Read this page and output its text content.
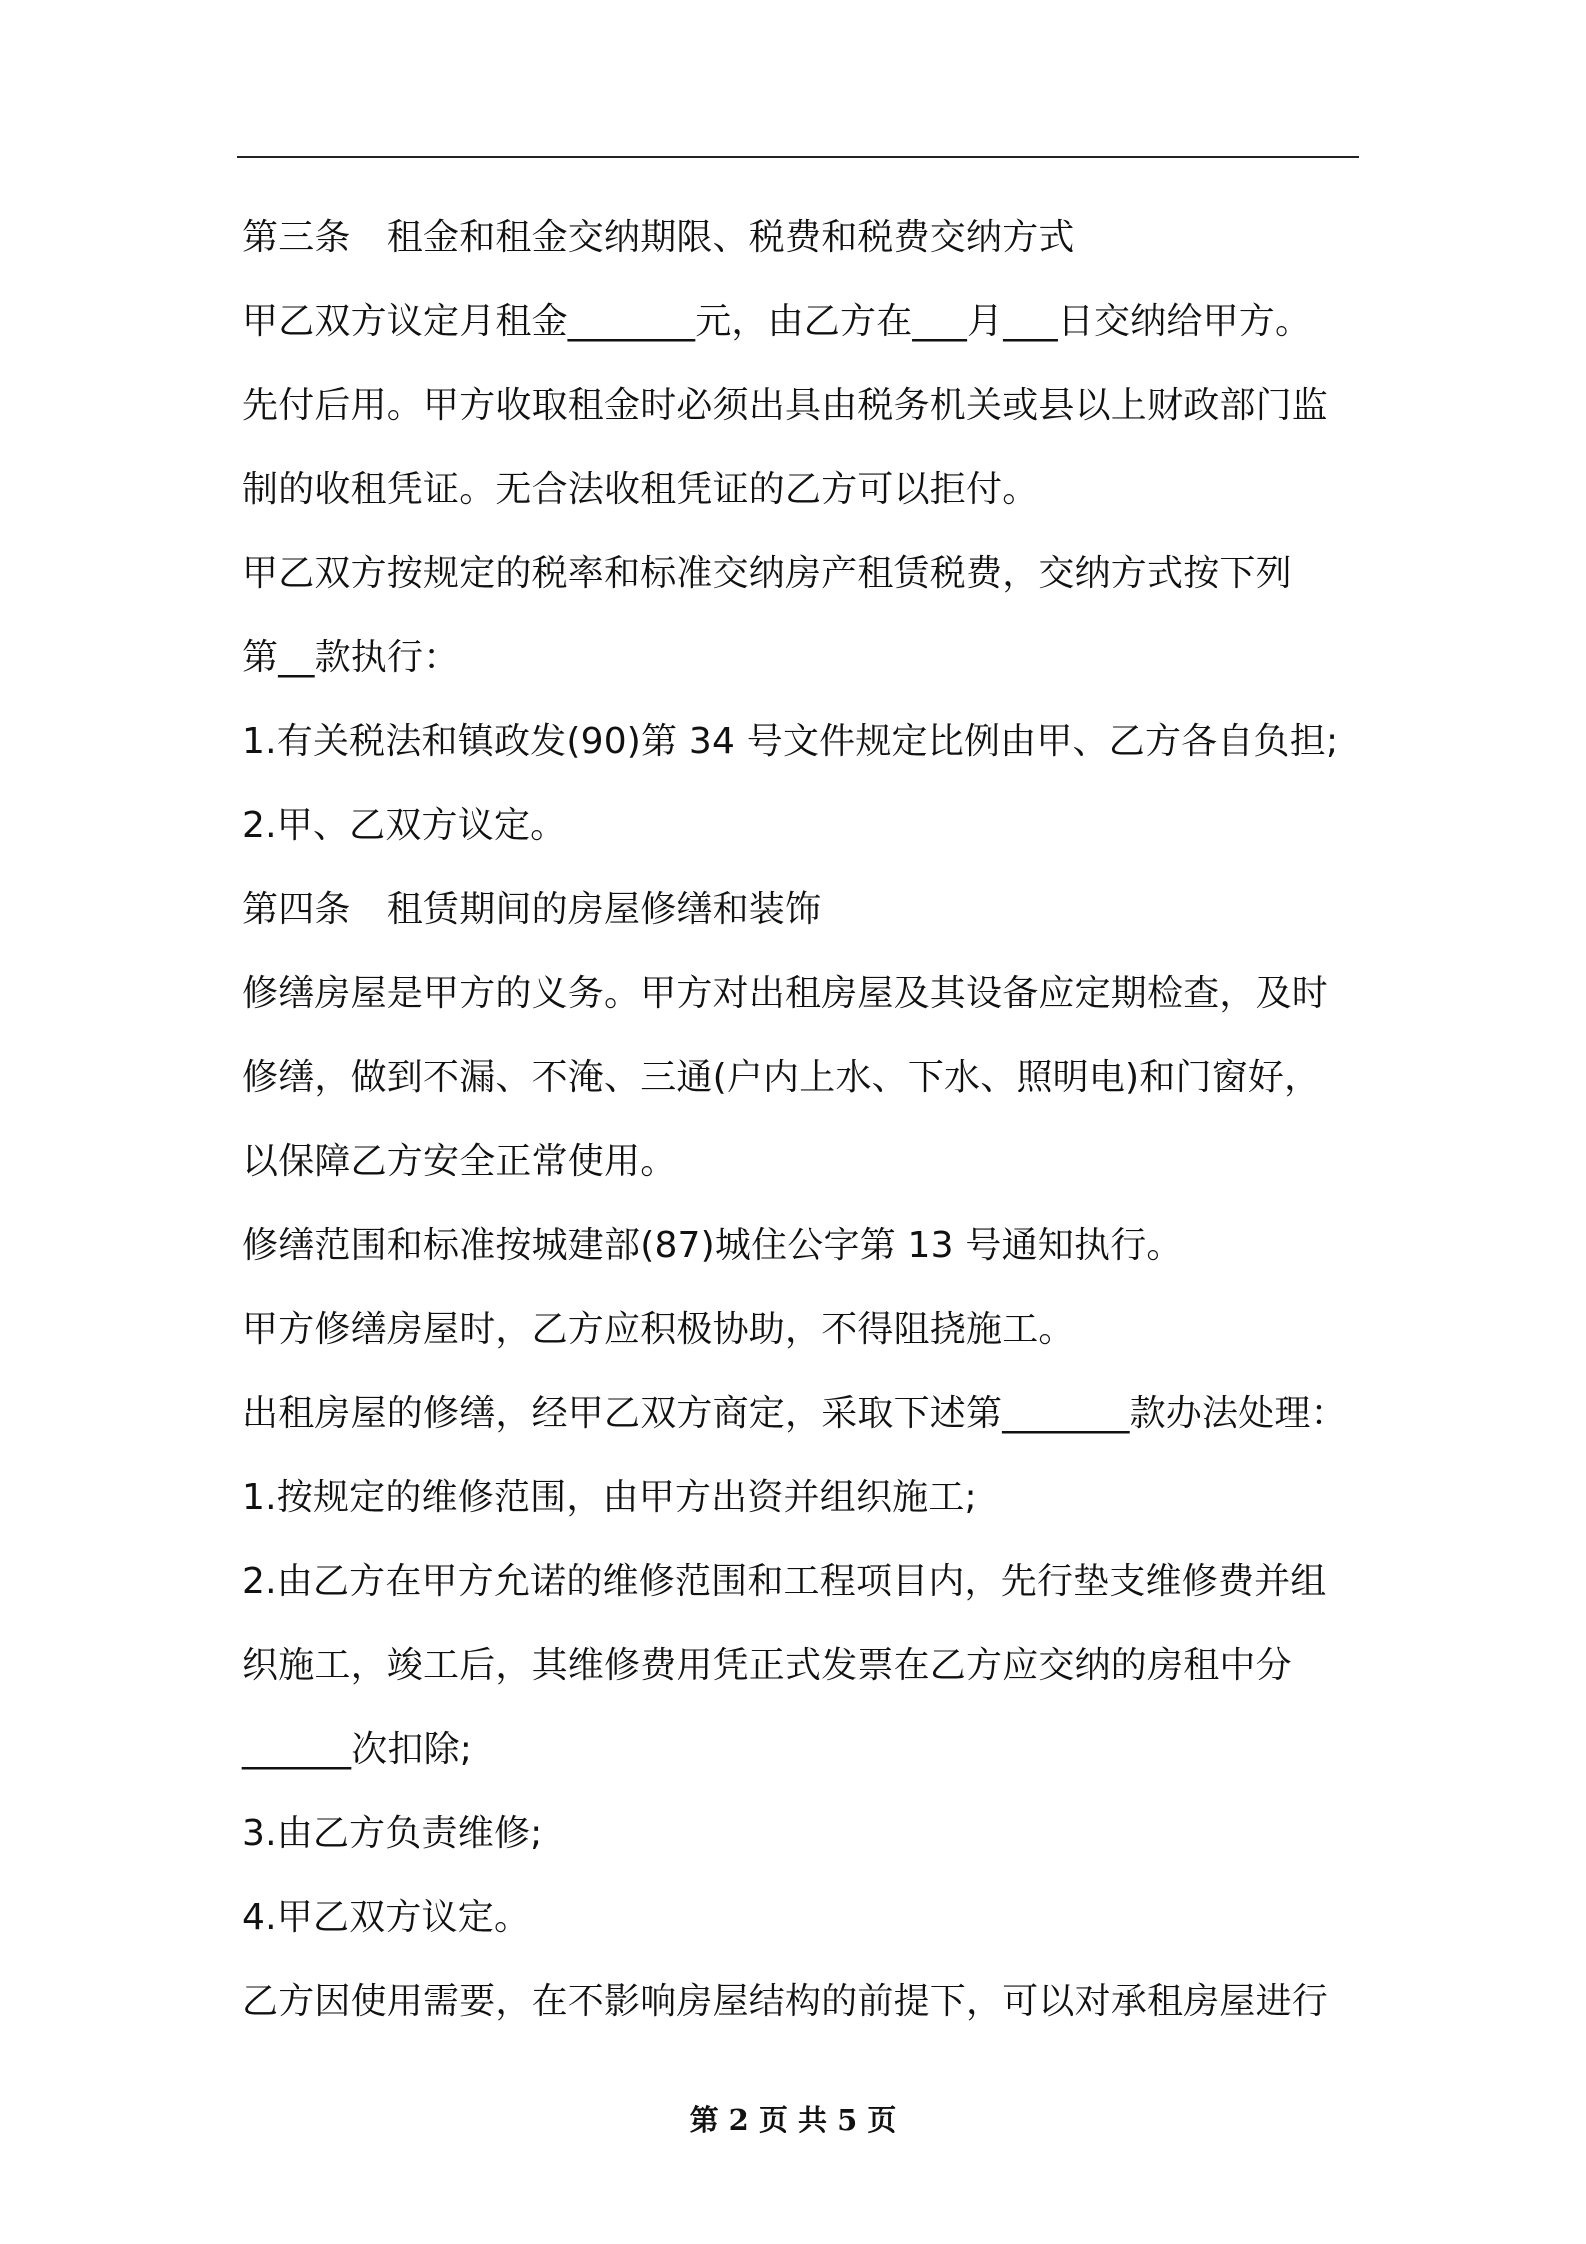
第三条　租金和租金交纳期限、税费和税费交纳方式
甲乙双方议定月租金_______元，由乙方在___月___日交纳给甲方。
先付后用。甲方收取租金时必须出具由税务机关或县以上财政部门监
制的收租凭证。无合法收租凭证的乙方可以拒付。
甲乙双方按规定的税率和标准交纳房产租赁税费，交纳方式按下列
第__款执行：
1.有关税法和镇政发(90)第 34 号文件规定比例由甲、乙方各自负担;
2.甲、乙双方议定。
第四条　租赁期间的房屋修缮和装饰
修缮房屋是甲方的义务。甲方对出租房屋及其设备应定期检查，及时
修缮，做到不漏、不淹、三通(户内上水、下水、照明电)和门窗好，
以保障乙方安全正常使用。
修缮范围和标准按城建部(87)城住公字第 13 号通知执行。
甲方修缮房屋时，乙方应积极协助，不得阻挠施工。
出租房屋的修缮，经甲乙双方商定，采取下述第_______款办法处理：
1.按规定的维修范围，由甲方出资并组织施工;
2.由乙方在甲方允诺的维修范围和工程项目内，先行垫支维修费并组
织施工，竣工后，其维修费用凭正式发票在乙方应交纳的房租中分
______次扣除;
3.由乙方负责维修;
4.甲乙双方议定。
乙方因使用需要，在不影响房屋结构的前提下，可以对承租房屋进行
第 2 页 共 5 页
